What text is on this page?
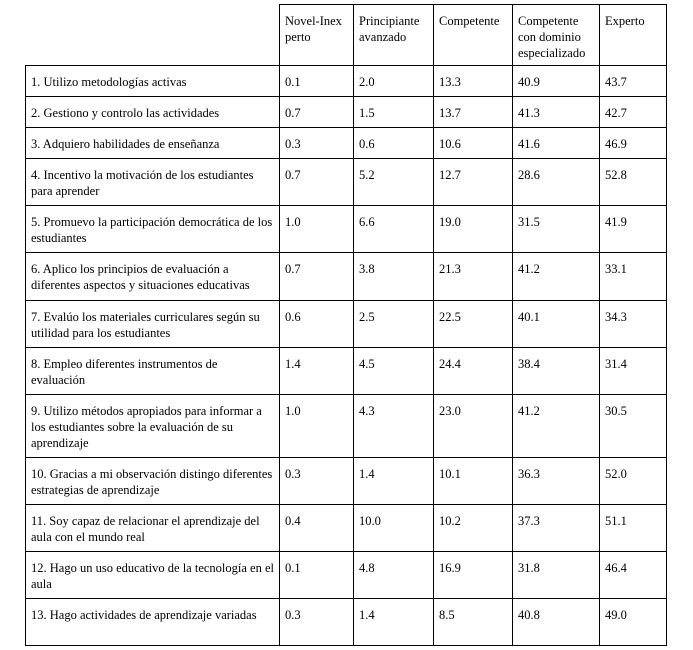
	Novel-Inex perto	Principiante avanzado	Competente	Competente con dominio especializado	Experto
1. Utilizo metodologías activas	0.1	2.0	13.3	40.9	43.7
2. Gestiono y controlo las actividades	0.7	1.5	13.7	41.3	42.7
3. Adquiero habilidades de enseñanza	0.3	0.6	10.6	41.6	46.9
4. Incentivo la motivación de los estudiantes para aprender	0.7	5.2	12.7	28.6	52.8
5. Promuevo la participación democrática de los estudiantes	1.0	6.6	19.0	31.5	41.9
6. Aplico los principios de evaluación a diferentes aspectos y situaciones educativas	0.7	3.8	21.3	41.2	33.1
7. Evalúo los materiales curriculares según su utilidad para los estudiantes	0.6	2.5	22.5	40.1	34.3
8. Empleo diferentes instrumentos de evaluación	1.4	4.5	24.4	38.4	31.4
9. Utilizo métodos apropiados para informar a los estudiantes sobre la evaluación de su aprendizaje	1.0	4.3	23.0	41.2	30.5
10. Gracias a mi observación distingo diferentes estrategias de aprendizaje	0.3	1.4	10.1	36.3	52.0
11. Soy capaz de relacionar el aprendizaje del aula con el mundo real	0.4	10.0	10.2	37.3	51.1
12. Hago un uso educativo de la tecnología en el aula	0.1	4.8	16.9	31.8	46.4
13. Hago actividades de aprendizaje variadas	0.3	1.4	8.5	40.8	49.0
